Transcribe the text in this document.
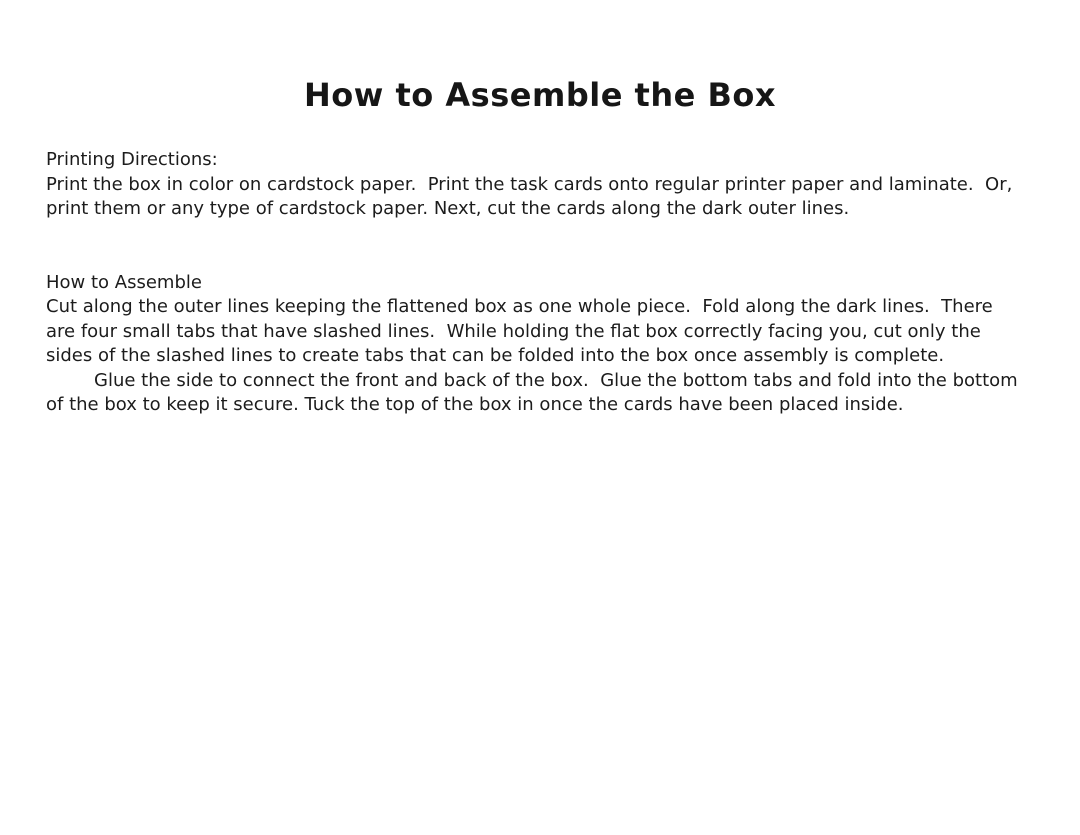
How to Assemble the Box
Printing Directions:

Print the box in color on cardstock paper.  Print the task cards onto regular printer paper and laminate.  Or, print them or any type of cardstock paper. Next, cut the cards along the dark outer lines.

How to Assemble

Cut along the outer lines keeping the flattened box as one whole piece.  Fold along the dark lines.  There are four small tabs that have slashed lines.  While holding the flat box correctly facing you, cut only the sides of the slashed lines to create tabs that can be folded into the box once assembly is complete.

Glue the side to connect the front and back of the box.  Glue the bottom tabs and fold into the bottom of the box to keep it secure. Tuck the top of the box in once the cards have been placed inside.
